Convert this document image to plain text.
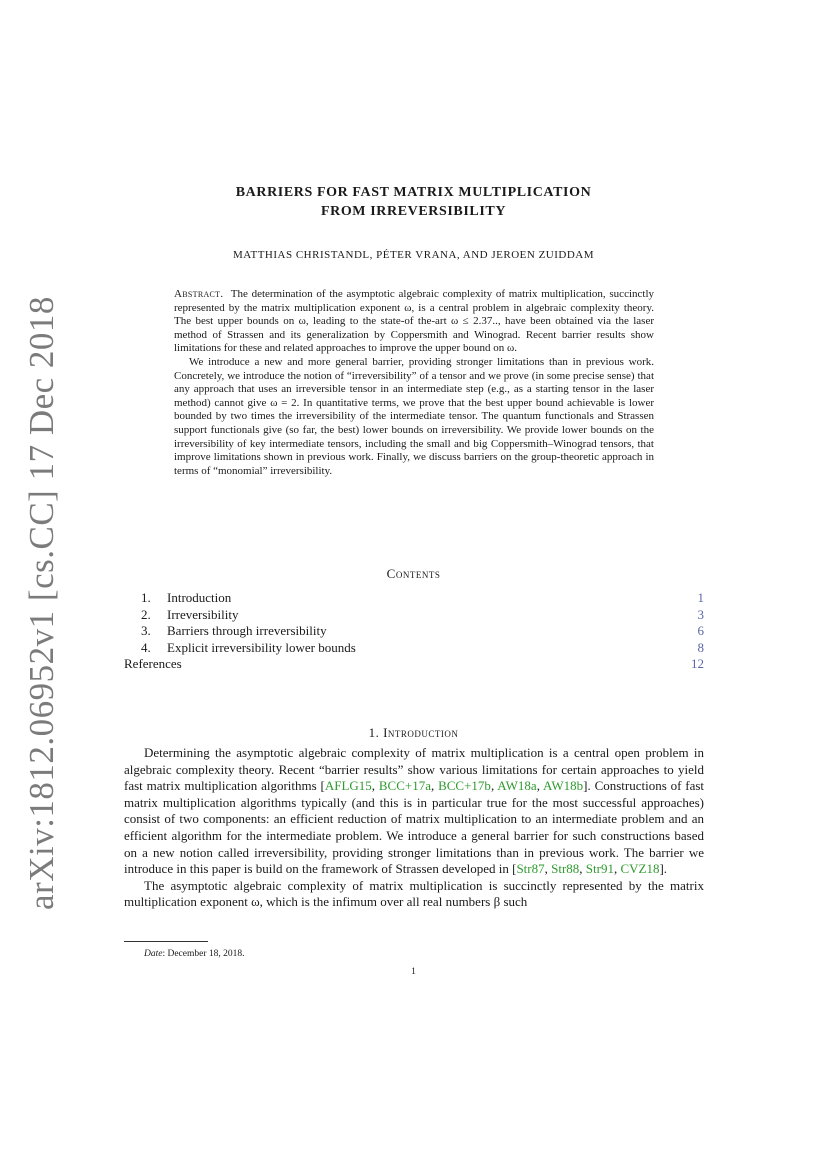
arXiv:1812.06952v1 [cs.CC] 17 Dec 2018
BARRIERS FOR FAST MATRIX MULTIPLICATION
FROM IRREVERSIBILITY
MATTHIAS CHRISTANDL, PÉTER VRANA, AND JEROEN ZUIDDAM

Abstract. The determination of the asymptotic algebraic complexity of matrix multiplication, succinctly represented by the matrix multiplication exponent ω, is a central problem in algebraic complexity theory. The best upper bounds on ω, leading to the state-of the-art ω ≤ 2.37.., have been obtained via the laser method of Strassen and its generalization by Coppersmith and Winograd. Recent barrier results show limitations for these and related approaches to improve the upper bound on ω.

We introduce a new and more general barrier, providing stronger limitations than in previous work. Concretely, we introduce the notion of “irreversibility” of a tensor and we prove (in some precise sense) that any approach that uses an irreversible tensor in an intermediate step (e.g., as a starting tensor in the laser method) cannot give ω = 2. In quantitative terms, we prove that the best upper bound achievable is lower bounded by two times the irreversibility of the intermediate tensor. The quantum functionals and Strassen support functionals give (so far, the best) lower bounds on irreversibility. We provide lower bounds on the irreversibility of key intermediate tensors, including the small and big Coppersmith–Winograd tensors, that improve limitations shown in previous work. Finally, we discuss barriers on the group-theoretic approach in terms of “monomial” irreversibility.

Contents
1. Introduction	1
2. Irreversibility	3
3. Barriers through irreversibility	6
4. Explicit irreversibility lower bounds	8
References	12
1. Introduction

Determining the asymptotic algebraic complexity of matrix multiplication is a central open problem in algebraic complexity theory. Recent “barrier results” show various limitations for certain approaches to yield fast matrix multiplication algorithms [AFLG15, BCC+17a, BCC+17b, AW18a, AW18b]. Constructions of fast matrix multiplication algorithms typically (and this is in particular true for the most successful approaches) consist of two components: an efficient reduction of matrix multiplication to an intermediate problem and an efficient algorithm for the intermediate problem. We introduce a general barrier for such constructions based on a new notion called irreversibility, providing stronger limitations than in previous work. The barrier we introduce in this paper is build on the framework of Strassen developed in [Str87, Str88, Str91, CVZ18].

The asymptotic algebraic complexity of matrix multiplication is succinctly represented by the matrix multiplication exponent ω, which is the infimum over all real numbers β such

Date: December 18, 2018.
1
